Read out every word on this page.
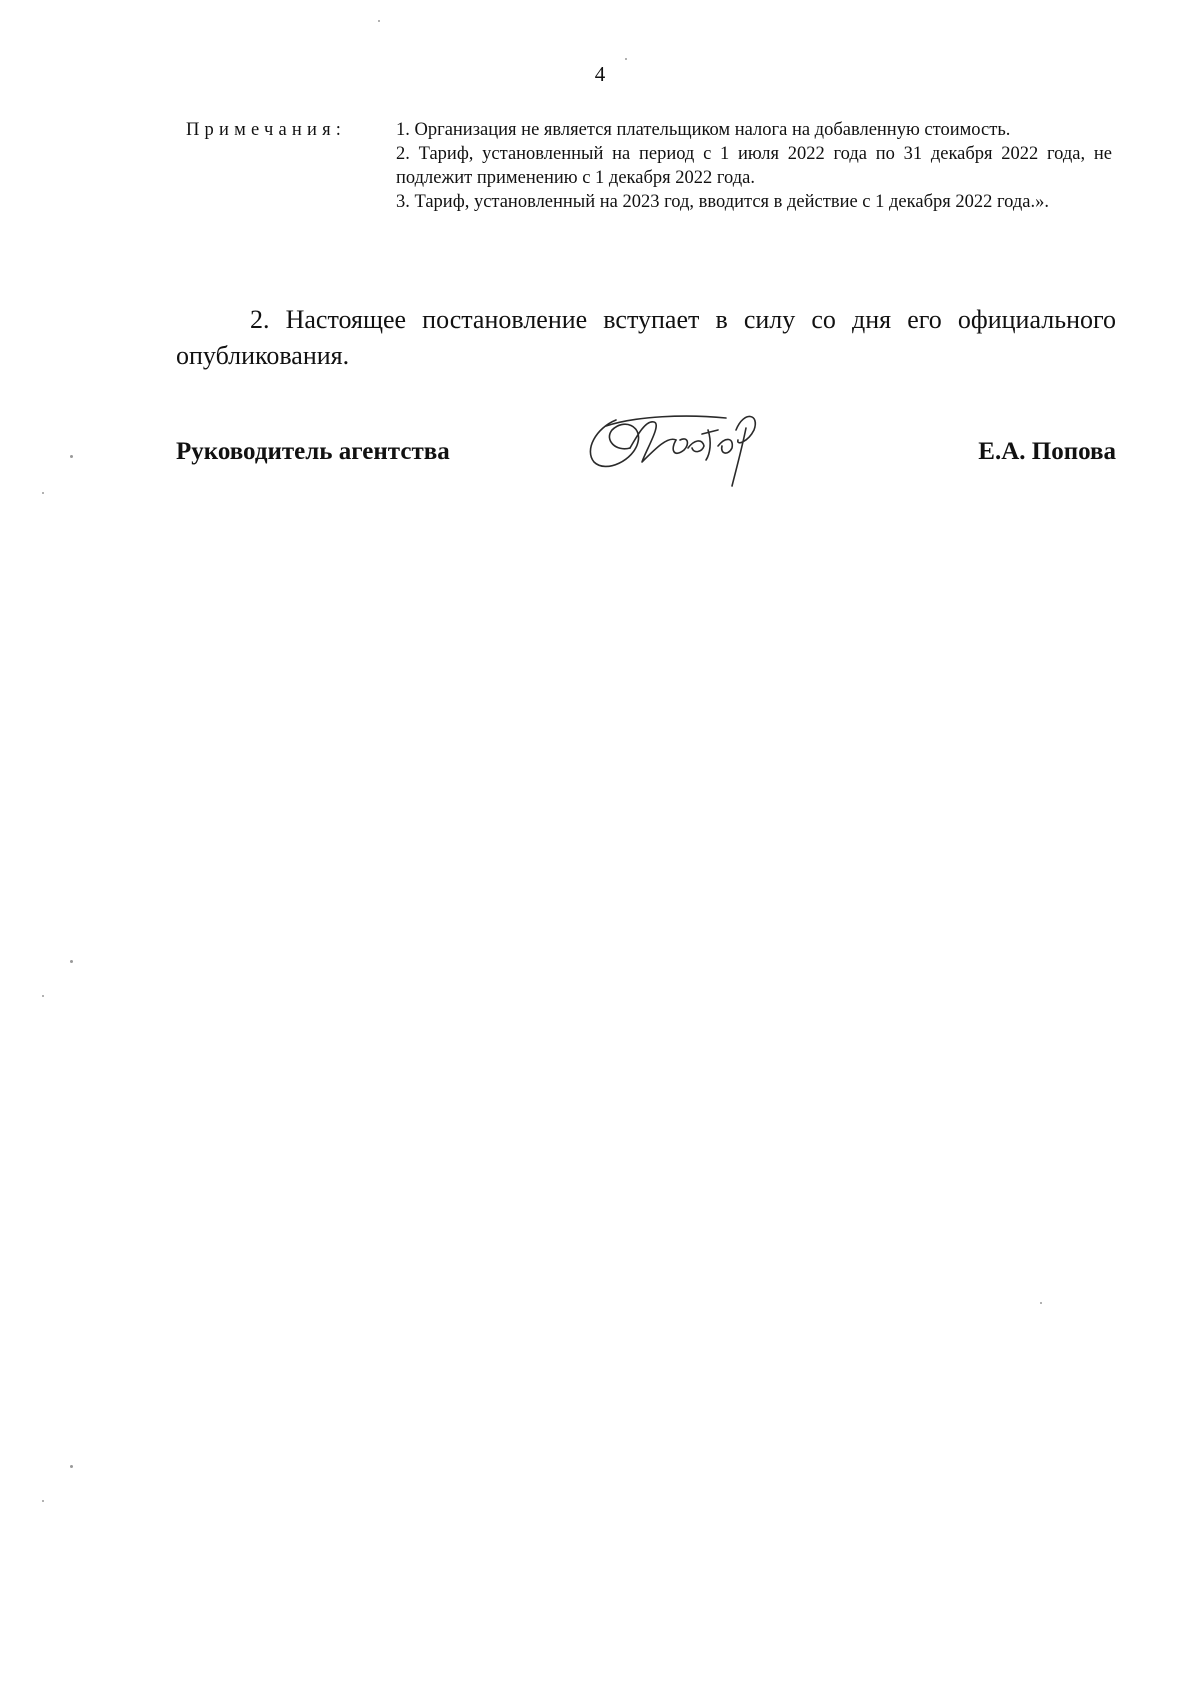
4
Примечания:	1. Организация не является плательщиком налога на добавленную стоимость.
2. Тариф, установленный на период с 1 июля 2022 года по 31 декабря 2022 года, не подлежит применению с 1 декабря 2022 года.
3. Тариф, установленный на 2023 год, вводится в действие с 1 декабря 2022 года.».
2. Настоящее постановление вступает в силу со дня его официального опубликования.
Руководитель агентства	Е.А. Попова
